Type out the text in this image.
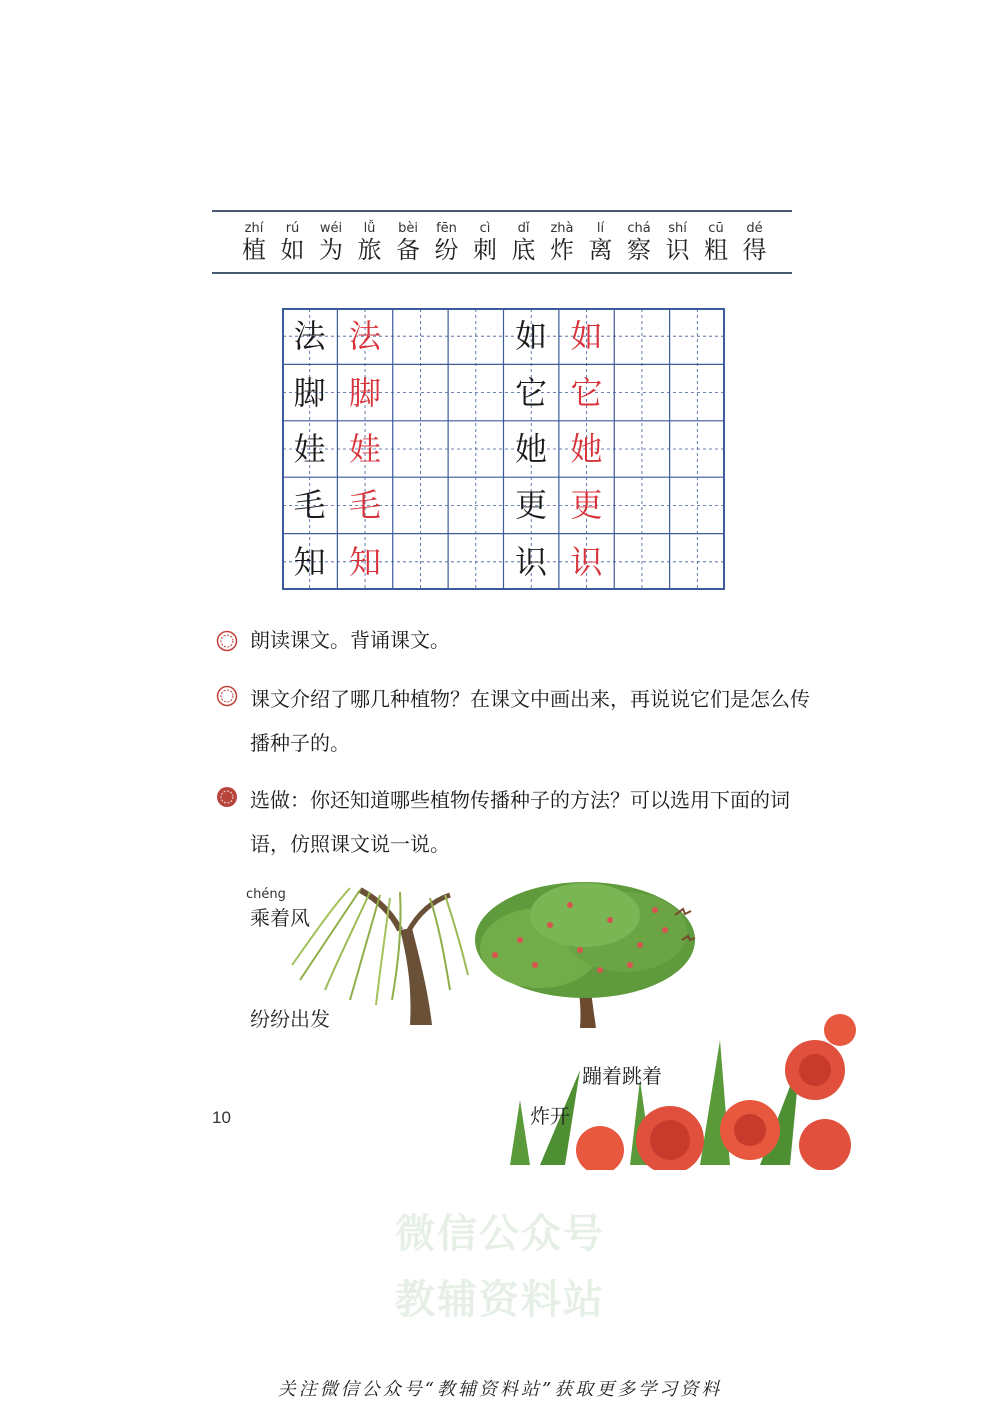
zhí
植
rú
如
wéi
为
lǚ
旅
bèi
备
fēn
纷
cì
刺
dǐ
底
zhà
炸
lí
离
chá
察
shí
识
cū
粗
dé
得
法 法
脚 脚
娃 娃
毛 毛
知 知
如 如
它 它
她 她
更 更
识 识
朗读课文。背诵课文。
课文介绍了哪几种植物？在课文中画出来，再说说它们是怎么传播种子的。
选做：你还知道哪些植物传播种子的方法？可以选用下面的词语，仿照课文说一说。
chéng
乘着风
纷纷出发
蹦着跳着
炸开
10
微信公众号
教辅资料站
关注微信公众号“教辅资料站”获取更多学习资料
